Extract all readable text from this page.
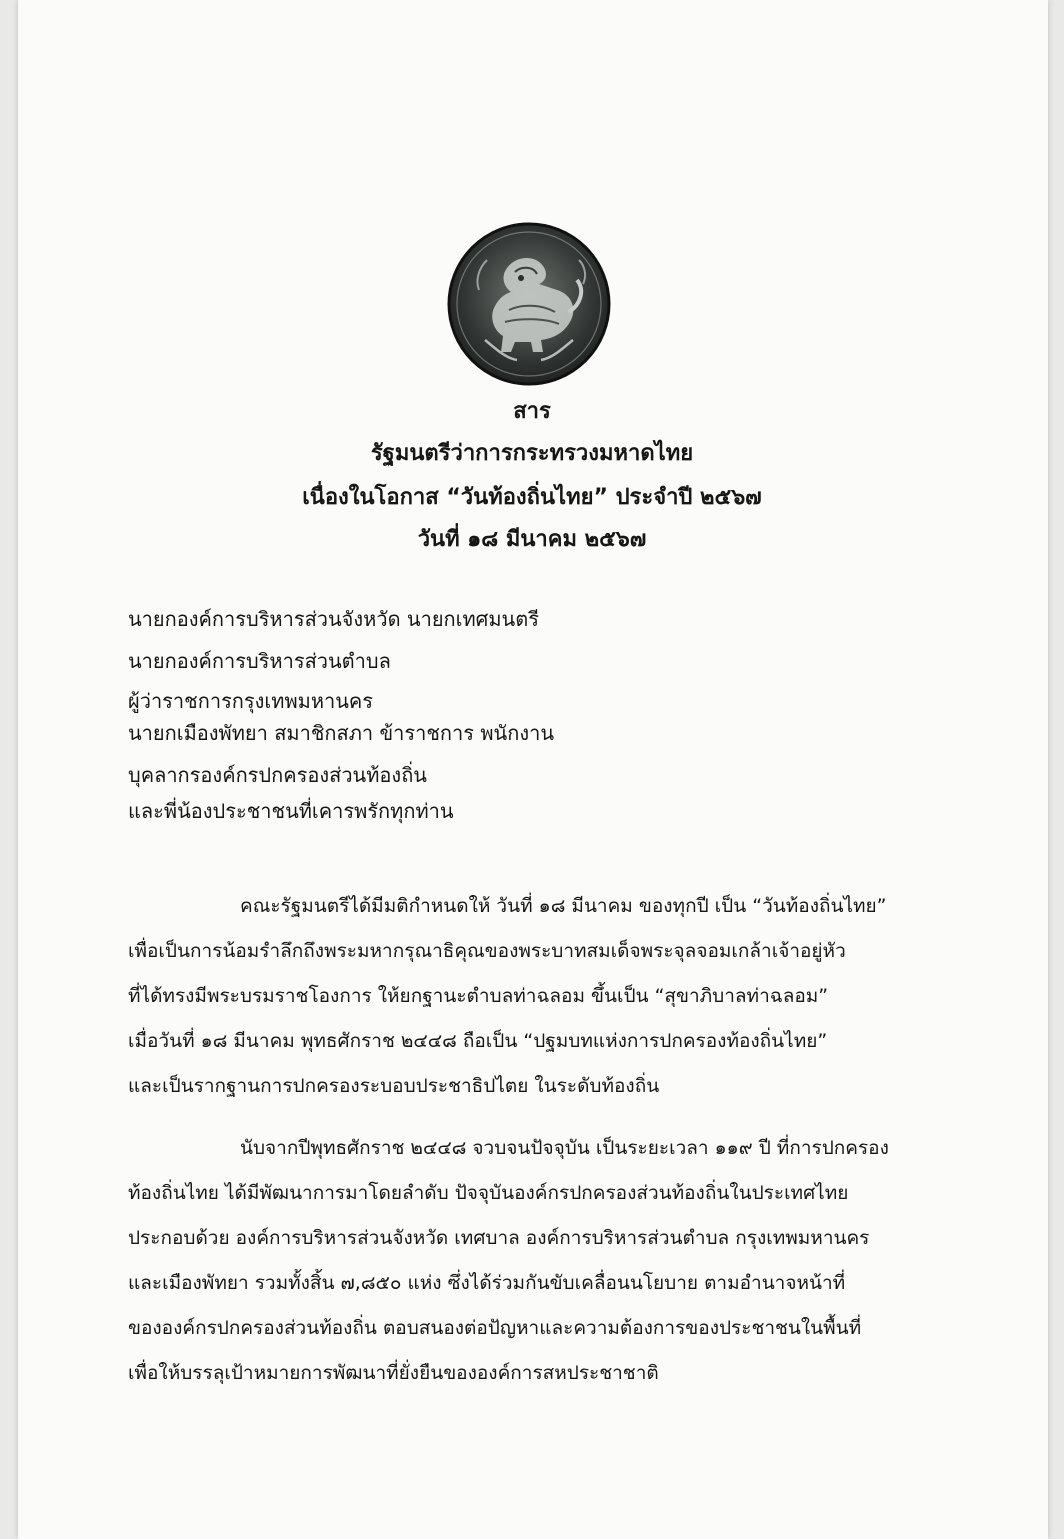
สาร
รัฐมนตรีว่าการกระทรวงมหาดไทย
เนื่องในโอกาส “วันท้องถิ่นไทย” ประจำปี ๒๕๖๗
วันที่ ๑๘ มีนาคม ๒๕๖๗
นายกองค์การบริหารส่วนจังหวัด นายกเทศมนตรี
นายกองค์การบริหารส่วนตำบล
ผู้ว่าราชการกรุงเทพมหานคร
นายกเมืองพัทยา สมาชิกสภา ข้าราชการ พนักงาน
บุคลากรองค์กรปกครองส่วนท้องถิ่น
และพี่น้องประชาชนที่เคารพรักทุกท่าน
คณะรัฐมนตรีได้มีมติกำหนดให้ วันที่ ๑๘ มีนาคม ของทุกปี เป็น “วันท้องถิ่นไทย”
เพื่อเป็นการน้อมรำลึกถึงพระมหากรุณาธิคุณของพระบาทสมเด็จพระจุลจอมเกล้าเจ้าอยู่หัว
ที่ได้ทรงมีพระบรมราชโองการ ให้ยกฐานะตำบลท่าฉลอม ขึ้นเป็น “สุขาภิบาลท่าฉลอม”
เมื่อวันที่ ๑๘ มีนาคม พุทธศักราช ๒๔๔๘ ถือเป็น “ปฐมบทแห่งการปกครองท้องถิ่นไทย”
และเป็นรากฐานการปกครองระบอบประชาธิปไตย ในระดับท้องถิ่น
นับจากปีพุทธศักราช ๒๔๔๘ จวบจนปัจจุบัน เป็นระยะเวลา ๑๑๙ ปี ที่การปกครอง
ท้องถิ่นไทย ได้มีพัฒนาการมาโดยลำดับ ปัจจุบันองค์กรปกครองส่วนท้องถิ่นในประเทศไทย
ประกอบด้วย องค์การบริหารส่วนจังหวัด เทศบาล องค์การบริหารส่วนตำบล กรุงเทพมหานคร
และเมืองพัทยา รวมทั้งสิ้น ๗,๘๕๐ แห่ง ซึ่งได้ร่วมกันขับเคลื่อนนโยบาย ตามอำนาจหน้าที่
ขององค์กรปกครองส่วนท้องถิ่น ตอบสนองต่อปัญหาและความต้องการของประชาชนในพื้นที่
เพื่อให้บรรลุเป้าหมายการพัฒนาที่ยั่งยืนขององค์การสหประชาชาติ
